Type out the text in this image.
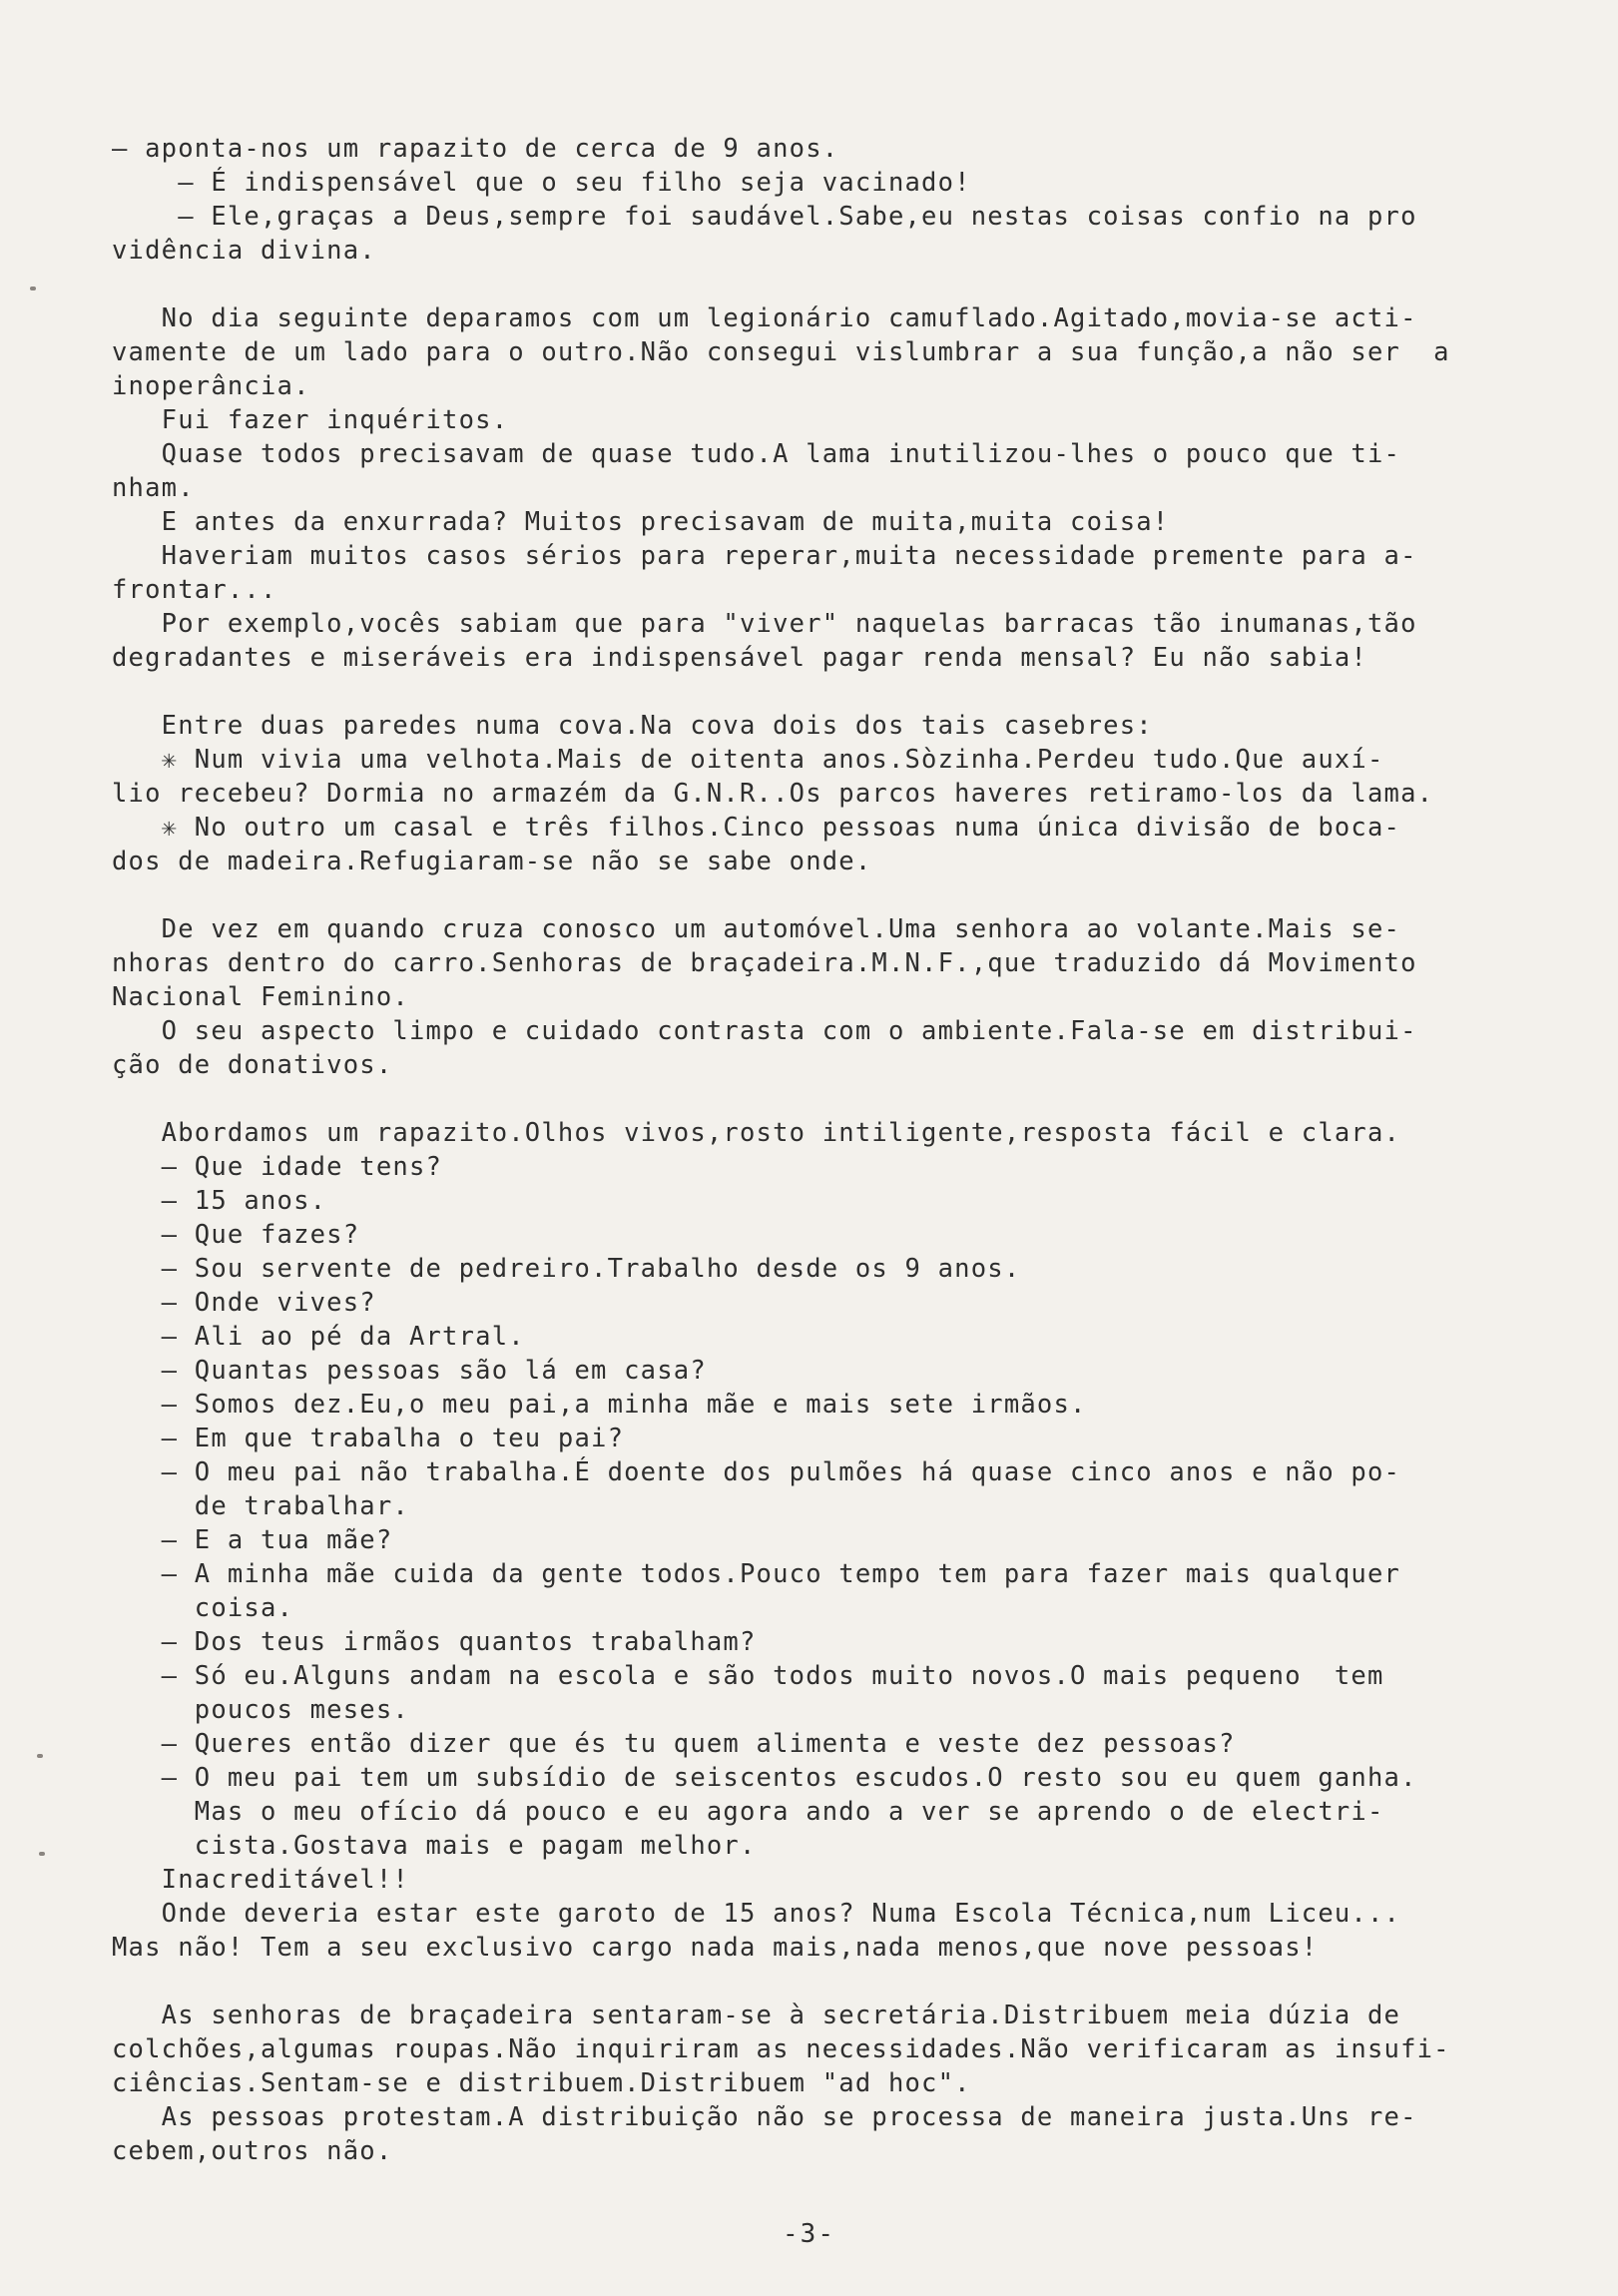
— aponta-nos um rapazito de cerca de 9 anos.
— É indispensável que o seu filho seja vacinado!
— Ele,graças a Deus,sempre foi saudável.Sabe,eu nestas coisas confio na pro
vidência divina.
No dia seguinte deparamos com um legionário camuflado.Agitado,movia-se acti-
vamente de um lado para o outro.Não consegui vislumbrar a sua função,a não ser  a
inoperância.
Fui fazer inquéritos.
Quase todos precisavam de quase tudo.A lama inutilizou-lhes o pouco que ti-
nham.
E antes da enxurrada? Muitos precisavam de muita,muita coisa!
Haveriam muitos casos sérios para reperar,muita necessidade premente para a-
frontar...
Por exemplo,vocês sabiam que para "viver" naquelas barracas tão inumanas,tão
degradantes e miseráveis era indispensável pagar renda mensal? Eu não sabia!
Entre duas paredes numa cova.Na cova dois dos tais casebres:
✳ Num vivia uma velhota.Mais de oitenta anos.Sòzinha.Perdeu tudo.Que auxí-
lio recebeu? Dormia no armazém da G.N.R..Os parcos haveres retiramo-los da lama.
✳ No outro um casal e três filhos.Cinco pessoas numa única divisão de boca-
dos de madeira.Refugiaram-se não se sabe onde.
De vez em quando cruza conosco um automóvel.Uma senhora ao volante.Mais se-
nhoras dentro do carro.Senhoras de braçadeira.M.N.F.,que traduzido dá Movimento
Nacional Feminino.
O seu aspecto limpo e cuidado contrasta com o ambiente.Fala-se em distribui-
ção de donativos.
Abordamos um rapazito.Olhos vivos,rosto intiligente,resposta fácil e clara.
— Que idade tens?
— 15 anos.
— Que fazes?
— Sou servente de pedreiro.Trabalho desde os 9 anos.
— Onde vives?
— Ali ao pé da Artral.
— Quantas pessoas são lá em casa?
— Somos dez.Eu,o meu pai,a minha mãe e mais sete irmãos.
— Em que trabalha o teu pai?
— O meu pai não trabalha.É doente dos pulmões há quase cinco anos e não po-
de trabalhar.
— E a tua mãe?
— A minha mãe cuida da gente todos.Pouco tempo tem para fazer mais qualquer
coisa.
— Dos teus irmãos quantos trabalham?
— Só eu.Alguns andam na escola e são todos muito novos.O mais pequeno  tem
poucos meses.
— Queres então dizer que és tu quem alimenta e veste dez pessoas?
— O meu pai tem um subsídio de seiscentos escudos.O resto sou eu quem ganha.
Mas o meu ofício dá pouco e eu agora ando a ver se aprendo o de electri-
cista.Gostava mais e pagam melhor.
Inacreditável!!
Onde deveria estar este garoto de 15 anos? Numa Escola Técnica,num Liceu...
Mas não! Tem a seu exclusivo cargo nada mais,nada menos,que nove pessoas!
As senhoras de braçadeira sentaram-se à secretária.Distribuem meia dúzia de
colchões,algumas roupas.Não inquiriram as necessidades.Não verificaram as insufi-
ciências.Sentam-se e distribuem.Distribuem "ad hoc".
As pessoas protestam.A distribuição não se processa de maneira justa.Uns re-
cebem,outros não.
-3-
